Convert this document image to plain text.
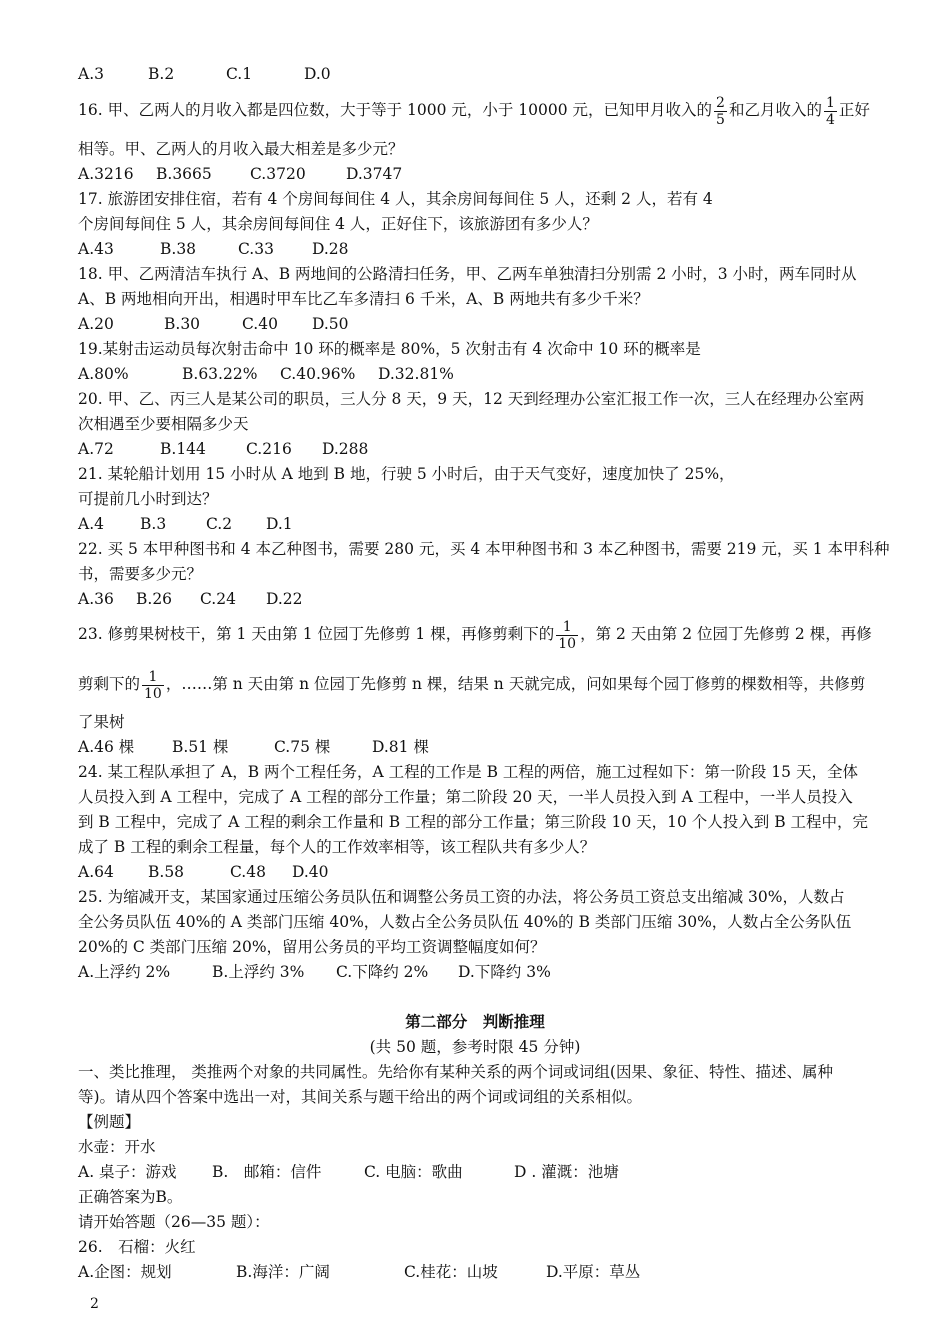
A.3	B.2	C.1	D.0
16. 甲、乙两人的月收入都是四位数，大于等于 1000 元，小于 10000 元，已知甲月收入的 $\frac{2}{5}$ 和乙月收入的 $\frac{1}{4}$ 正好
相等。甲、乙两人的月收入最大相差是多少元？
A.3216 B.3665 C.3720	D.3747
17. 旅游团安排住宿，若有 4 个房间每间住 4 人，其余房间每间住 5 人，还剩 2 人，若有 4
个房间每间住 5 人，其余房间每间住 4 人，正好住下，该旅游团有多少人？
A.43	B.38	C.33 D.28
18. 甲、乙两清洁车执行 A、B 两地间的公路清扫任务，甲、乙两车单独清扫分别需 2 小时，3 小时，两车同时从
A、B 两地相向开出，相遇时甲车比乙车多清扫 6 千米，A、B 两地共有多少千米？
A.20	B.30	C.40 D.50
19.某射击运动员每次射击命中 10 环的概率是 80%，5 次射击有 4 次命中 10 环的概率是
A.80%	B.63.22% C.40.96% D.32.81%
20. 甲、乙、丙三人是某公司的职员，三人分 8 天，9 天，12 天到经理办公室汇报工作一次，三人在经理办公室两
次相遇至少要相隔多少天
A.72	B.144	C.216 D.288
21. 某轮船计划用 15 小时从 A 地到 B 地，行驶 5 小时后，由于天气变好，速度加快了 25%，
可提前几小时到达？
A.4 B.3	C.2 D.1
22. 买 5 本甲种图书和 4 本乙种图书，需要 280 元，买 4 本甲种图书和 3 本乙种图书，需要 219 元，买 1 本甲科种
书，需要多少元？
A.36 B.26 C.24 D.22
23. 修剪果树枝干，第 1 天由第 1 位园丁先修剪 1 棵，再修剪剩下的 $\frac{1}{10}$ ，第 2 天由第 2 位园丁先修剪 2 棵，再修
剪剩下的 $\frac{1}{10}$ ，……第 n 天由第 n 位园丁先修剪 n 棵，结果 n 天就完成，问如果每个园丁修剪的棵数相等，共修剪
了果树
A.46 棵 B.51 棵	C.75 棵	D.81 棵
24. 某工程队承担了 A，B 两个工程任务，A 工程的工作是 B 工程的两倍，施工过程如下：第一阶段 15 天，全体
人员投入到 A 工程中，完成了 A 工程的部分工作量；第二阶段 20 天，一半人员投入到 A 工程中，一半人员投入
到 B 工程中，完成了 A 工程的剩余工作量和 B 工程的部分工作量；第三阶段 10 天，10 个人投入到 B 工程中，完
成了 B 工程的剩余工程量，每个人的工作效率相等，该工程队共有多少人？
A.64 B.58	C.48 D.40
25. 为缩减开支，某国家通过压缩公务员队伍和调整公务员工资的办法，将公务员工资总支出缩减 30%，人数占
全公务员队伍 40%的 A 类部门压缩 40%，人数占全公务员队伍 40%的 B 类部门压缩 30%，人数占全公务队伍
20%的 C 类部门压缩 20%，留用公务员的平均工资调整幅度如何？
A.上浮约 2%	B.上浮约 3% C.下降约 2% D.下降约 3%
第二部分　判断推理
(共 50 题，参考时限 45 分钟)
一、类比推理， 类推两个对象的共同属性。先给你有某种关系的两个词或词组(因果、象征、特性、描述、属种
等)。请从四个答案中选出一对，其间关系与题干给出的两个词或词组的关系相似。
【例题】
水壶：开水
A. 桌子：游戏 B.　邮箱：信件	C. 电脑：歌曲	D . 灌溉：池塘
正确答案为B。
请开始答题（26—35 题）：
26.　石榴：火红
A.企图：规划	B.海洋：广阔	C.桂花：山坡	D.平原：草丛
2
